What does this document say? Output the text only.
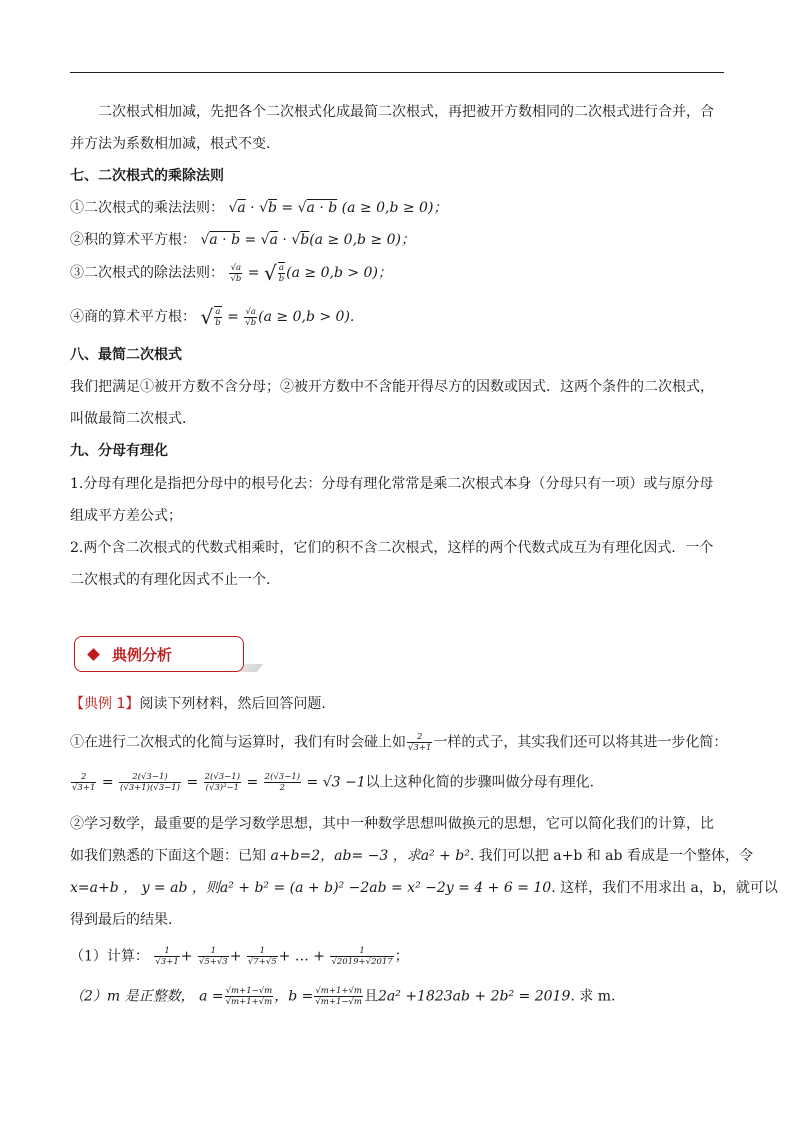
二次根式相加减，先把各个二次根式化成最简二次根式，再把被开方数相同的二次根式进行合并，合
并方法为系数相加减，根式不变.
七、二次根式的乘除法则
①二次根式的乘法法则： √a · √b = √a · b (a ≥ 0,b ≥ 0)；
②积的算术平方根： √a · b = √a · √b(a ≥ 0,b ≥ 0)；
③二次根式的除法法则： $\frac{√a}{√b}$ = √ $\frac{a}{b} (a \ge 0,b > 0)$；
④商的算术平方根： √ $\frac{a}{b} = \frac{√a}{√b} (a \ge 0,b > 0)$.
八、最简二次根式
我们把满足①被开方数不含分母；②被开方数中不含能开得尽方的因数或因式．这两个条件的二次根式，
叫做最简二次根式.
九、分母有理化
1.分母有理化是指把分母中的根号化去：分母有理化常常是乘二次根式本身（分母只有一项）或与原分母
组成平方差公式；
2.两个含二次根式的代数式相乘时，它们的积不含二次根式，这样的两个代数式成互为有理化因式．一个
二次根式的有理化因式不止一个.
典例分析
【典例 1】阅读下列材料，然后回答问题.
①在进行二次根式的化简与运算时，我们有时会碰上如 $\frac{2}{√3+1}$ 一样的式子，其实我们还可以将其进一步化简：
$\frac{2}{√3+1} = \frac{2(√3-1)}{(√3+1)(√3-1)} = \frac{2(√3-1)}{\text{(√3)²−1}} = \frac{2(√3-1)}{2} = √3 -1$以上这种化简的步骤叫做分母有理化.
②学习数学，最重要的是学习数学思想，其中一种数学思想叫做换元的思想，它可以简化我们的计算，比
如我们熟悉的下面这个题：已知 a+b=2，ab= −3 ，求a² + b². 我们可以把 a+b 和 ab 看成是一个整体，令
x=a+b ， y = ab ，则a² + b² = (a + b)² −2ab = x² −2y = 4 + 6 = 10. 这样，我们不用求出 a，b，就可以
得到最后的结果.
（1）计算： $\frac{1}{√3+1} + \frac{1}{√5+√3} + \frac{1}{√7+√5}$ + … + $\frac{1}{√2019+√2017}$ ；
（2）m 是正整数， $a = \frac{√m+1-√m}{√m+1+√m}$ ，$b = \frac{√m+1+√m}{√m+1-√m}$ 且2a² +1823ab + 2b² = 2019. 求 m.
